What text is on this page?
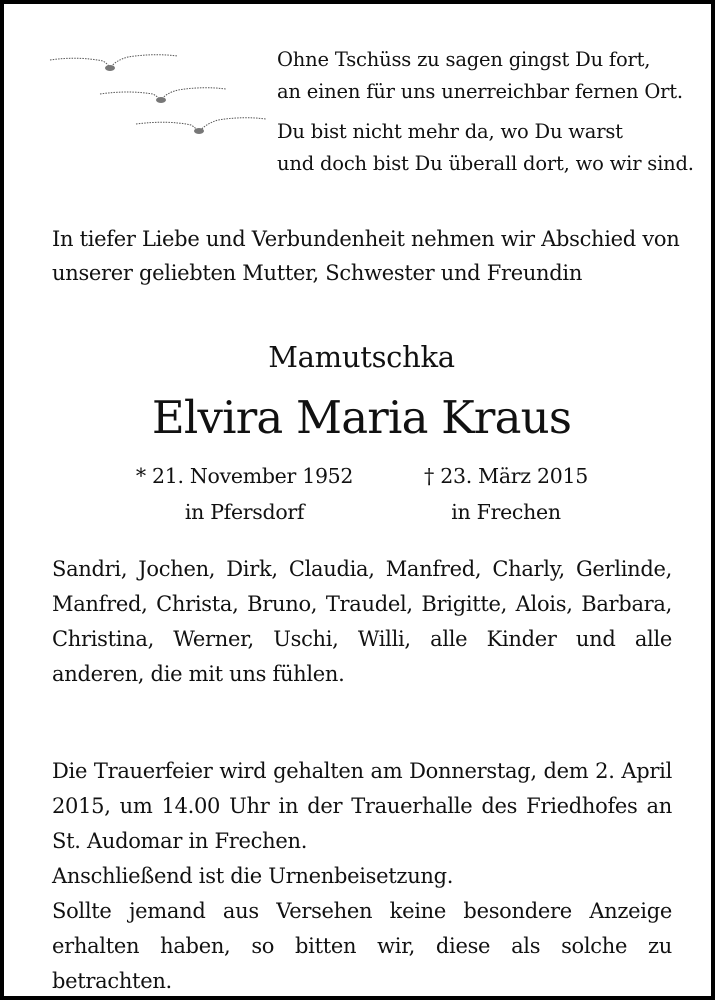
Ohne Tschüss zu sagen gingst Du fort,
an einen für uns unerreichbar fernen Ort.

Du bist nicht mehr da, wo Du warst
und doch bist Du überall dort, wo wir sind.

In tiefer Liebe und Verbundenheit nehmen wir Abschied von
unserer geliebten Mutter, Schwester und Freundin
Mamutschka
Elvira Maria Kraus
* 21. November 1952
in Pfersdorf
† 23. März 2015
in Frechen
Sandri, Jochen, Dirk, Claudia, Manfred, Charly, Gerlinde, Manfred, Christa, Bruno, Traudel, Brigitte, Alois, Barbara, Christina, Werner, Uschi, Willi, alle Kinder und alle anderen, die mit uns fühlen.
Die Trauerfeier wird gehalten am Donnerstag, dem 2. April 2015, um 14.00 Uhr in der Trauerhalle des Friedhofes an St. Audomar in Frechen.
Anschließend ist die Urnenbeisetzung.
Sollte jemand aus Versehen keine besondere Anzeige erhalten haben, so bitten wir, diese als solche zu betrachten.
